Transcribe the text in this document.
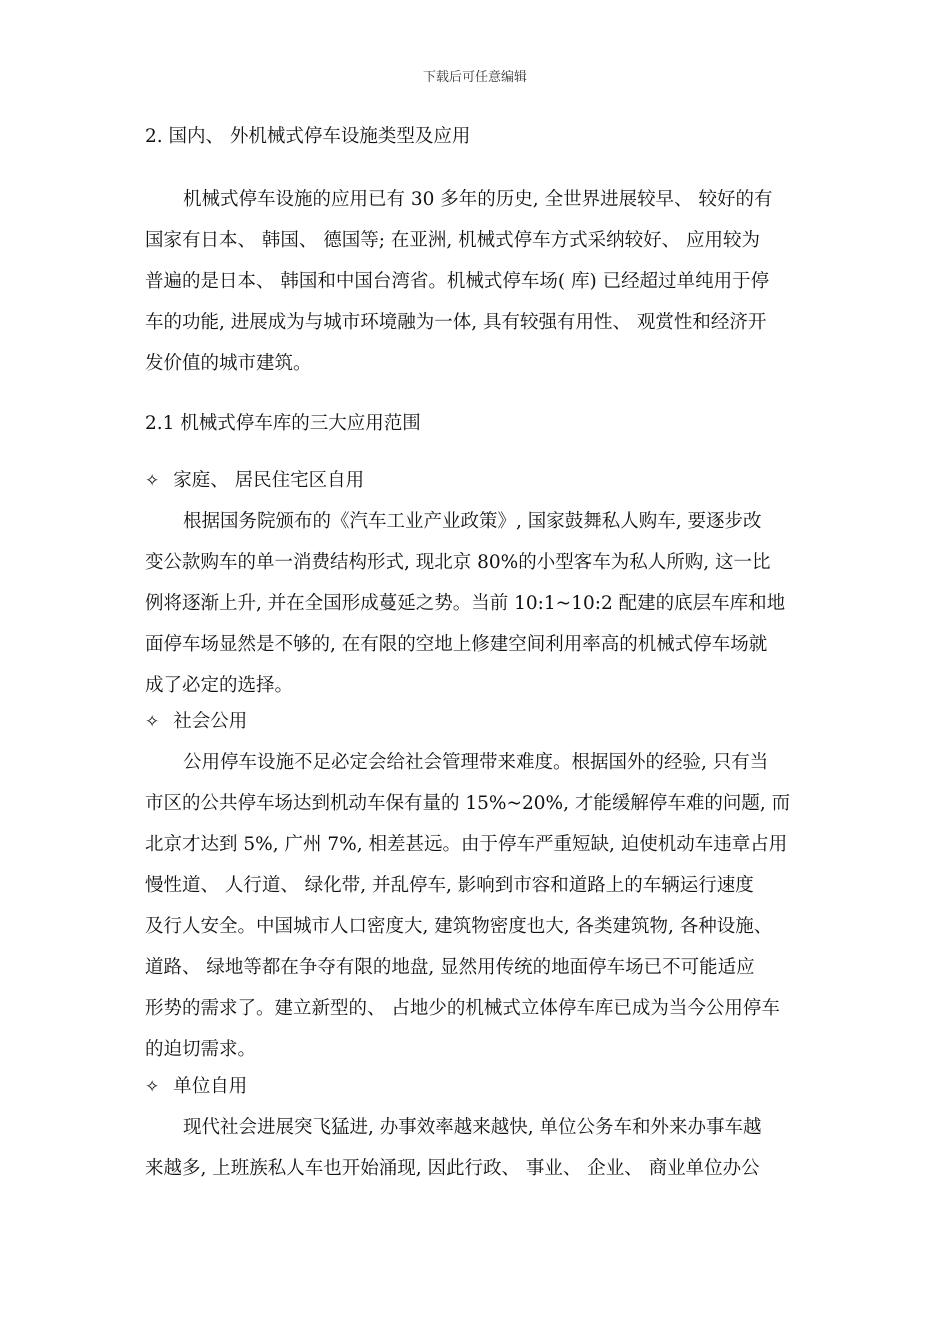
下载后可任意编辑
2. 国内、 外机械式停车设施类型及应用
机械式停车设施的应用已有 30 多年的历史, 全世界进展较早、 较好的有
国家有日本、 韩国、 德国等; 在亚洲, 机械式停车方式采纳较好、 应用较为
普遍的是日本、 韩国和中国台湾省。机械式停车场( 库) 已经超过单纯用于停
车的功能, 进展成为与城市环境融为一体, 具有较强有用性、 观赏性和经济开
发价值的城市建筑。
2.1 机械式停车库的三大应用范围
✧ 家庭、 居民住宅区自用
根据国务院颁布的《汽车工业产业政策》, 国家鼓舞私人购车, 要逐步改
变公款购车的单一消费结构形式, 现北京 80%的小型客车为私人所购, 这一比
例将逐渐上升, 并在全国形成蔓延之势。当前 10:1~10:2 配建的底层车库和地
面停车场显然是不够的, 在有限的空地上修建空间利用率高的机械式停车场就
成了必定的选择。
✧ 社会公用
公用停车设施不足必定会给社会管理带来难度。根据国外的经验, 只有当
市区的公共停车场达到机动车保有量的 15%~20%, 才能缓解停车难的问题, 而
北京才达到 5%, 广州 7%, 相差甚远。由于停车严重短缺, 迫使机动车违章占用
慢性道、 人行道、 绿化带, 并乱停车, 影响到市容和道路上的车辆运行速度
及行人安全。中国城市人口密度大, 建筑物密度也大, 各类建筑物, 各种设施、
道路、 绿地等都在争夺有限的地盘, 显然用传统的地面停车场已不可能适应
形势的需求了。建立新型的、 占地少的机械式立体停车库已成为当今公用停车
的迫切需求。
✧ 单位自用
现代社会进展突飞猛进, 办事效率越来越快, 单位公务车和外来办事车越
来越多, 上班族私人车也开始涌现, 因此行政、 事业、 企业、 商业单位办公
